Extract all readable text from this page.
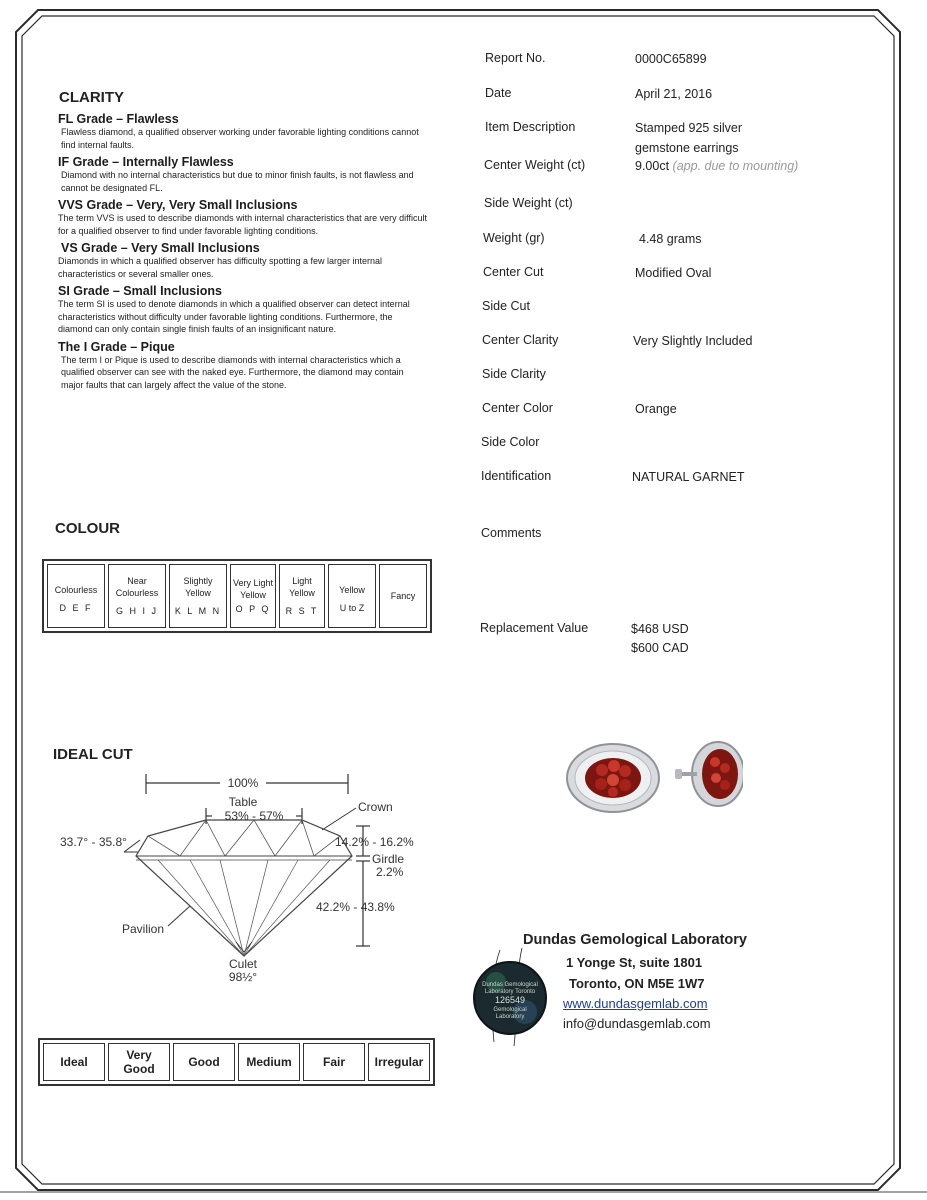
CLARITY
FL Grade – Flawless
Flawless diamond, a qualified observer working under favorable lighting conditions cannot find internal faults.
IF Grade – Internally Flawless
Diamond with no internal characteristics but due to minor finish faults, is not flawless and cannot be designated FL.
VVS Grade – Very, Very Small Inclusions
The term VVS is used to describe diamonds with internal characteristics that are very difficult for a qualified observer to find under favorable lighting conditions.
VS Grade – Very Small Inclusions
Diamonds in which a qualified observer has difficulty spotting a few larger internal characteristics or several smaller ones.
SI Grade – Small Inclusions
The term SI is used to denote diamonds in which a qualified observer can detect internal characteristics without difficulty under favorable lighting conditions. Furthermore, the diamond can only contain single finish faults of an insignificant nature.
The I Grade – Pique
The term I or Pique is used to describe diamonds with internal characteristics which a qualified observer can see with the naked eye. Furthermore, the diamond may contain major faults that can largely affect the value of the stone.
Report No.	0000C65899
Date	April 21, 2016
Item Description	Stamped 925 silver
gemstone earrings
Center Weight (ct)	9.00ct (app. due to mounting)
Side Weight (ct)
Weight (gr)	4.48 grams
Center Cut	Modified Oval
Side Cut
Center Clarity	Very Slightly Included
Side Clarity
Center Color	Orange
Side Color
Identification	NATURAL GARNET
Comments
Replacement Value	$468 USD
$600 CAD
COLOUR
Colourless
D E F

Near Colourless
G H I J

Slightly Yellow
K L M N

Very Light Yellow
O P Q

Light Yellow
R S T

Yellow
U to Z

Fancy
IDEAL CUT
100%
Table
53% - 57%
Crown
33.7° - 35.8°	14.2% - 16.2%
Girdle
2.2%
42.2% - 43.8%
Pavilion
Culet
98½°
Ideal	Very Good	Good	Medium	Fair	Irregular
Dundas Gemological
Laboratory Toronto
126549
Gemological
Laboratory
Dundas Gemological Laboratory
1 Yonge St, suite 1801
Toronto, ON M5E 1W7
www.dundasgemlab.com
info@dundasgemlab.com
